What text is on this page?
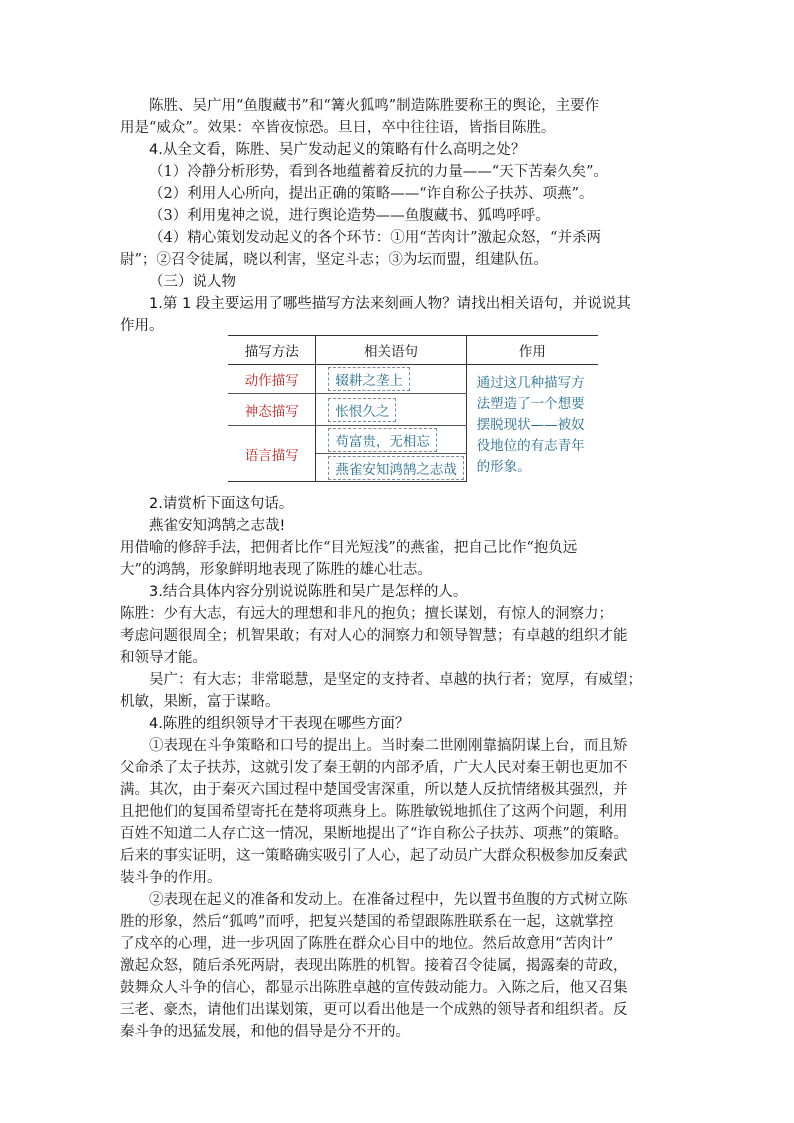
陈胜、吴广用“鱼腹藏书”和“篝火狐鸣”制造陈胜要称王的舆论，主要作
用是“威众”。效果：卒皆夜惊恐。旦日，卒中往往语，皆指目陈胜。
4.从全文看，陈胜、吴广发动起义的策略有什么高明之处？
（1）冷静分析形势，看到各地蕴蓄着反抗的力量——“天下苦秦久矣”。
（2）利用人心所向，提出正确的策略——“诈自称公子扶苏、项燕”。
（3）利用鬼神之说，进行舆论造势——鱼腹藏书、狐鸣呼呼。
（4）精心策划发动起义的各个环节：①用“苦肉计”激起众怒，“并杀两
尉”；②召令徒属，晓以利害，坚定斗志；③为坛而盟，组建队伍。
（三）说人物
1.第 1 段主要运用了哪些描写方法来刻画人物？请找出相关语句，并说说其
作用。
描写方法	相关语句	作用
动作描写	辍耕之垄上	通过这几种描写方
法塑造了一个想要
摆脱现状——被奴
役地位的有志青年
的形象。

神态描写	怅恨久之	
语言描写	苟富贵，无相忘	
	燕雀安知鸿鹄之志哉	
2.请赏析下面这句话。
燕雀安知鸿鹄之志哉!
用借喻的修辞手法，把佣者比作“目光短浅”的燕雀，把自己比作“抱负远
大”的鸿鹄，形象鲜明地表现了陈胜的雄心壮志。
3.结合具体内容分别说说陈胜和吴广是怎样的人。
陈胜：少有大志，有远大的理想和非凡的抱负；擅长谋划，有惊人的洞察力；
考虑问题很周全；机智果敢；有对人心的洞察力和领导智慧；有卓越的组织才能
和领导才能。
吴广：有大志；非常聪慧，是坚定的支持者、卓越的执行者；宽厚，有威望；
机敏，果断，富于谋略。
4.陈胜的组织领导才干表现在哪些方面？
①表现在斗争策略和口号的提出上。当时秦二世刚刚靠搞阴谋上台，而且矫
父命杀了太子扶苏，这就引发了秦王朝的内部矛盾，广大人民对秦王朝也更加不
满。其次，由于秦灭六国过程中楚国受害深重，所以楚人反抗情绪极其强烈，并
且把他们的复国希望寄托在楚将项燕身上。陈胜敏锐地抓住了这两个问题，利用
百姓不知道二人存亡这一情况，果断地提出了“诈自称公子扶苏、项燕”的策略。
后来的事实证明，这一策略确实吸引了人心，起了动员广大群众积极参加反秦武
装斗争的作用。
②表现在起义的准备和发动上。在准备过程中，先以置书鱼腹的方式树立陈
胜的形象，然后“狐鸣”而呼，把复兴楚国的希望跟陈胜联系在一起，这就掌控
了戍卒的心理，进一步巩固了陈胜在群众心目中的地位。然后故意用“苦肉计”
激起众怒，随后杀死两尉，表现出陈胜的机智。接着召令徒属，揭露秦的苛政，
鼓舞众人斗争的信心，都显示出陈胜卓越的宣传鼓动能力。入陈之后，他又召集
三老、豪杰，请他们出谋划策，更可以看出他是一个成熟的领导者和组织者。反
秦斗争的迅猛发展，和他的倡导是分不开的。
